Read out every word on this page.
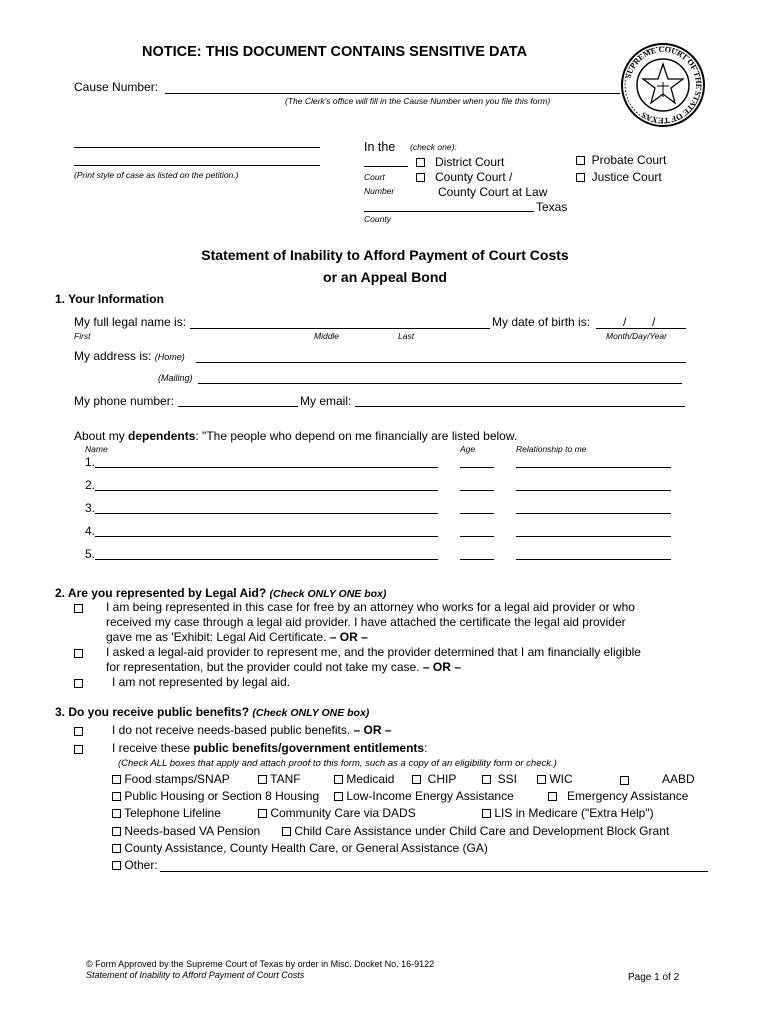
NOTICE: THIS DOCUMENT CONTAINS SENSITIVE DATA
SUPREME COURT OF THE STATE OF TEXAS
Cause Number:
(The Clerk's office will fill in the Cause Number when you file this form)
(Print style of case as listed on the petition.)
In the (check one):
Court
Number
District Court
County Court /
County Court at Law
Probate Court
Justice Court
Texas
County
Statement of Inability to Afford Payment of Court Costs
or an Appeal Bond
1. Your Information
My full legal name is:	My date of birth is:	/ /
First	Middle	Last	Month/Day/Year
My address is: (Home)
(Mailing)
My phone number:	My email:
About my dependents: "The people who depend on me financially are listed below.
Name	Age	Relationship to me
1.
2.
3.
4.
5.
2. Are you represented by Legal Aid? (Check ONLY ONE box)
I am being represented in this case for free by an attorney who works for a legal aid provider or who
received my case through a legal aid provider. I have attached the certificate the legal aid provider
gave me as 'Exhibit: Legal Aid Certificate. – OR –
I asked a legal-aid provider to represent me, and the provider determined that I am financially eligible
for representation, but the provider could not take my case. – OR –
I am not represented by legal aid.
3. Do you receive public benefits? (Check ONLY ONE box)
I do not receive needs-based public benefits. – OR –
I receive these public benefits/government entitlements:
(Check ALL boxes that apply and attach proof to this form, such as a copy of an eligibility form or check.)
Food stamps/SNAP	TANF	Medicaid	CHIP	SSI	WIC	AABD
Public Housing or Section 8 Housing	Low-Income Energy Assistance	Emergency Assistance
Telephone Lifeline	Community Care via DADS	LIS in Medicare ("Extra Help")
Needs-based VA Pension	Child Care Assistance under Child Care and Development Block Grant
County Assistance, County Health Care, or General Assistance (GA)
Other:
© Form Approved by the Supreme Court of Texas by order in Misc. Docket No. 16-9122
Statement of Inability to Afford Payment of Court Costs	Page 1 of 2
